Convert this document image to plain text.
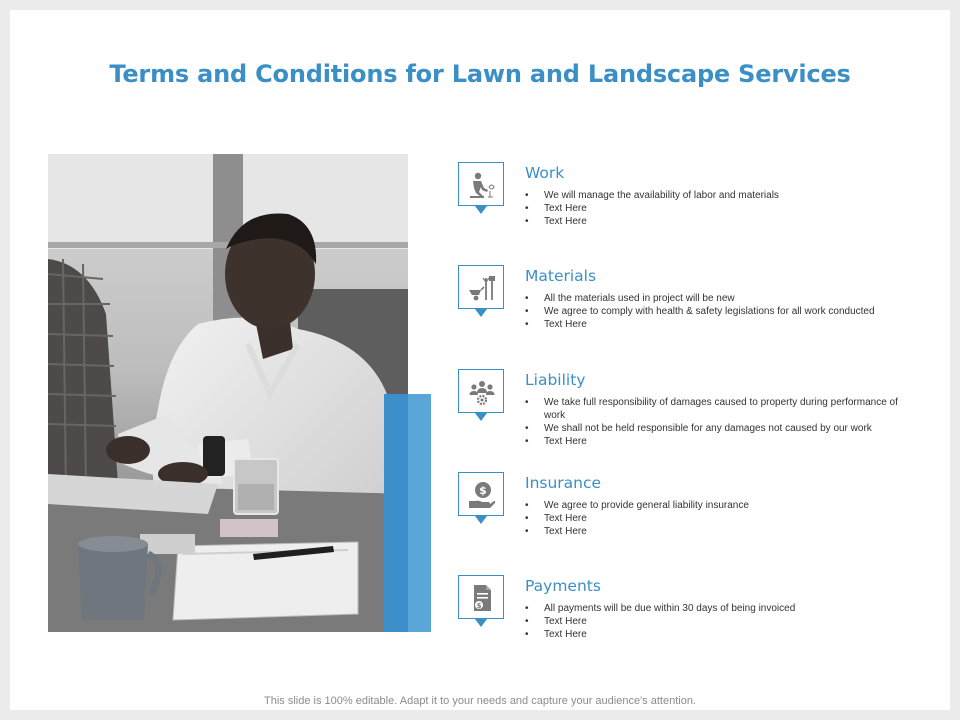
Terms and Conditions for Lawn and Landscape Services
Work
• We will manage the availability of labor and materials
• Text Here
• Text Here
Materials
• All the materials used in project will be new
• We agree to comply with health & safety legislations for all work conducted
• Text Here
Liability
• We take full responsibility of damages caused to property during performance of work
• We shall not be held responsible for any damages not caused by our work
• Text Here
$ Insurance
• We agree to provide general liability insurance
• Text Here
• Text Here
$
Payments
• All payments will be due within 30 days of being invoiced
• Text Here
• Text Here
This slide is 100% editable. Adapt it to your needs and capture your audience's attention.
